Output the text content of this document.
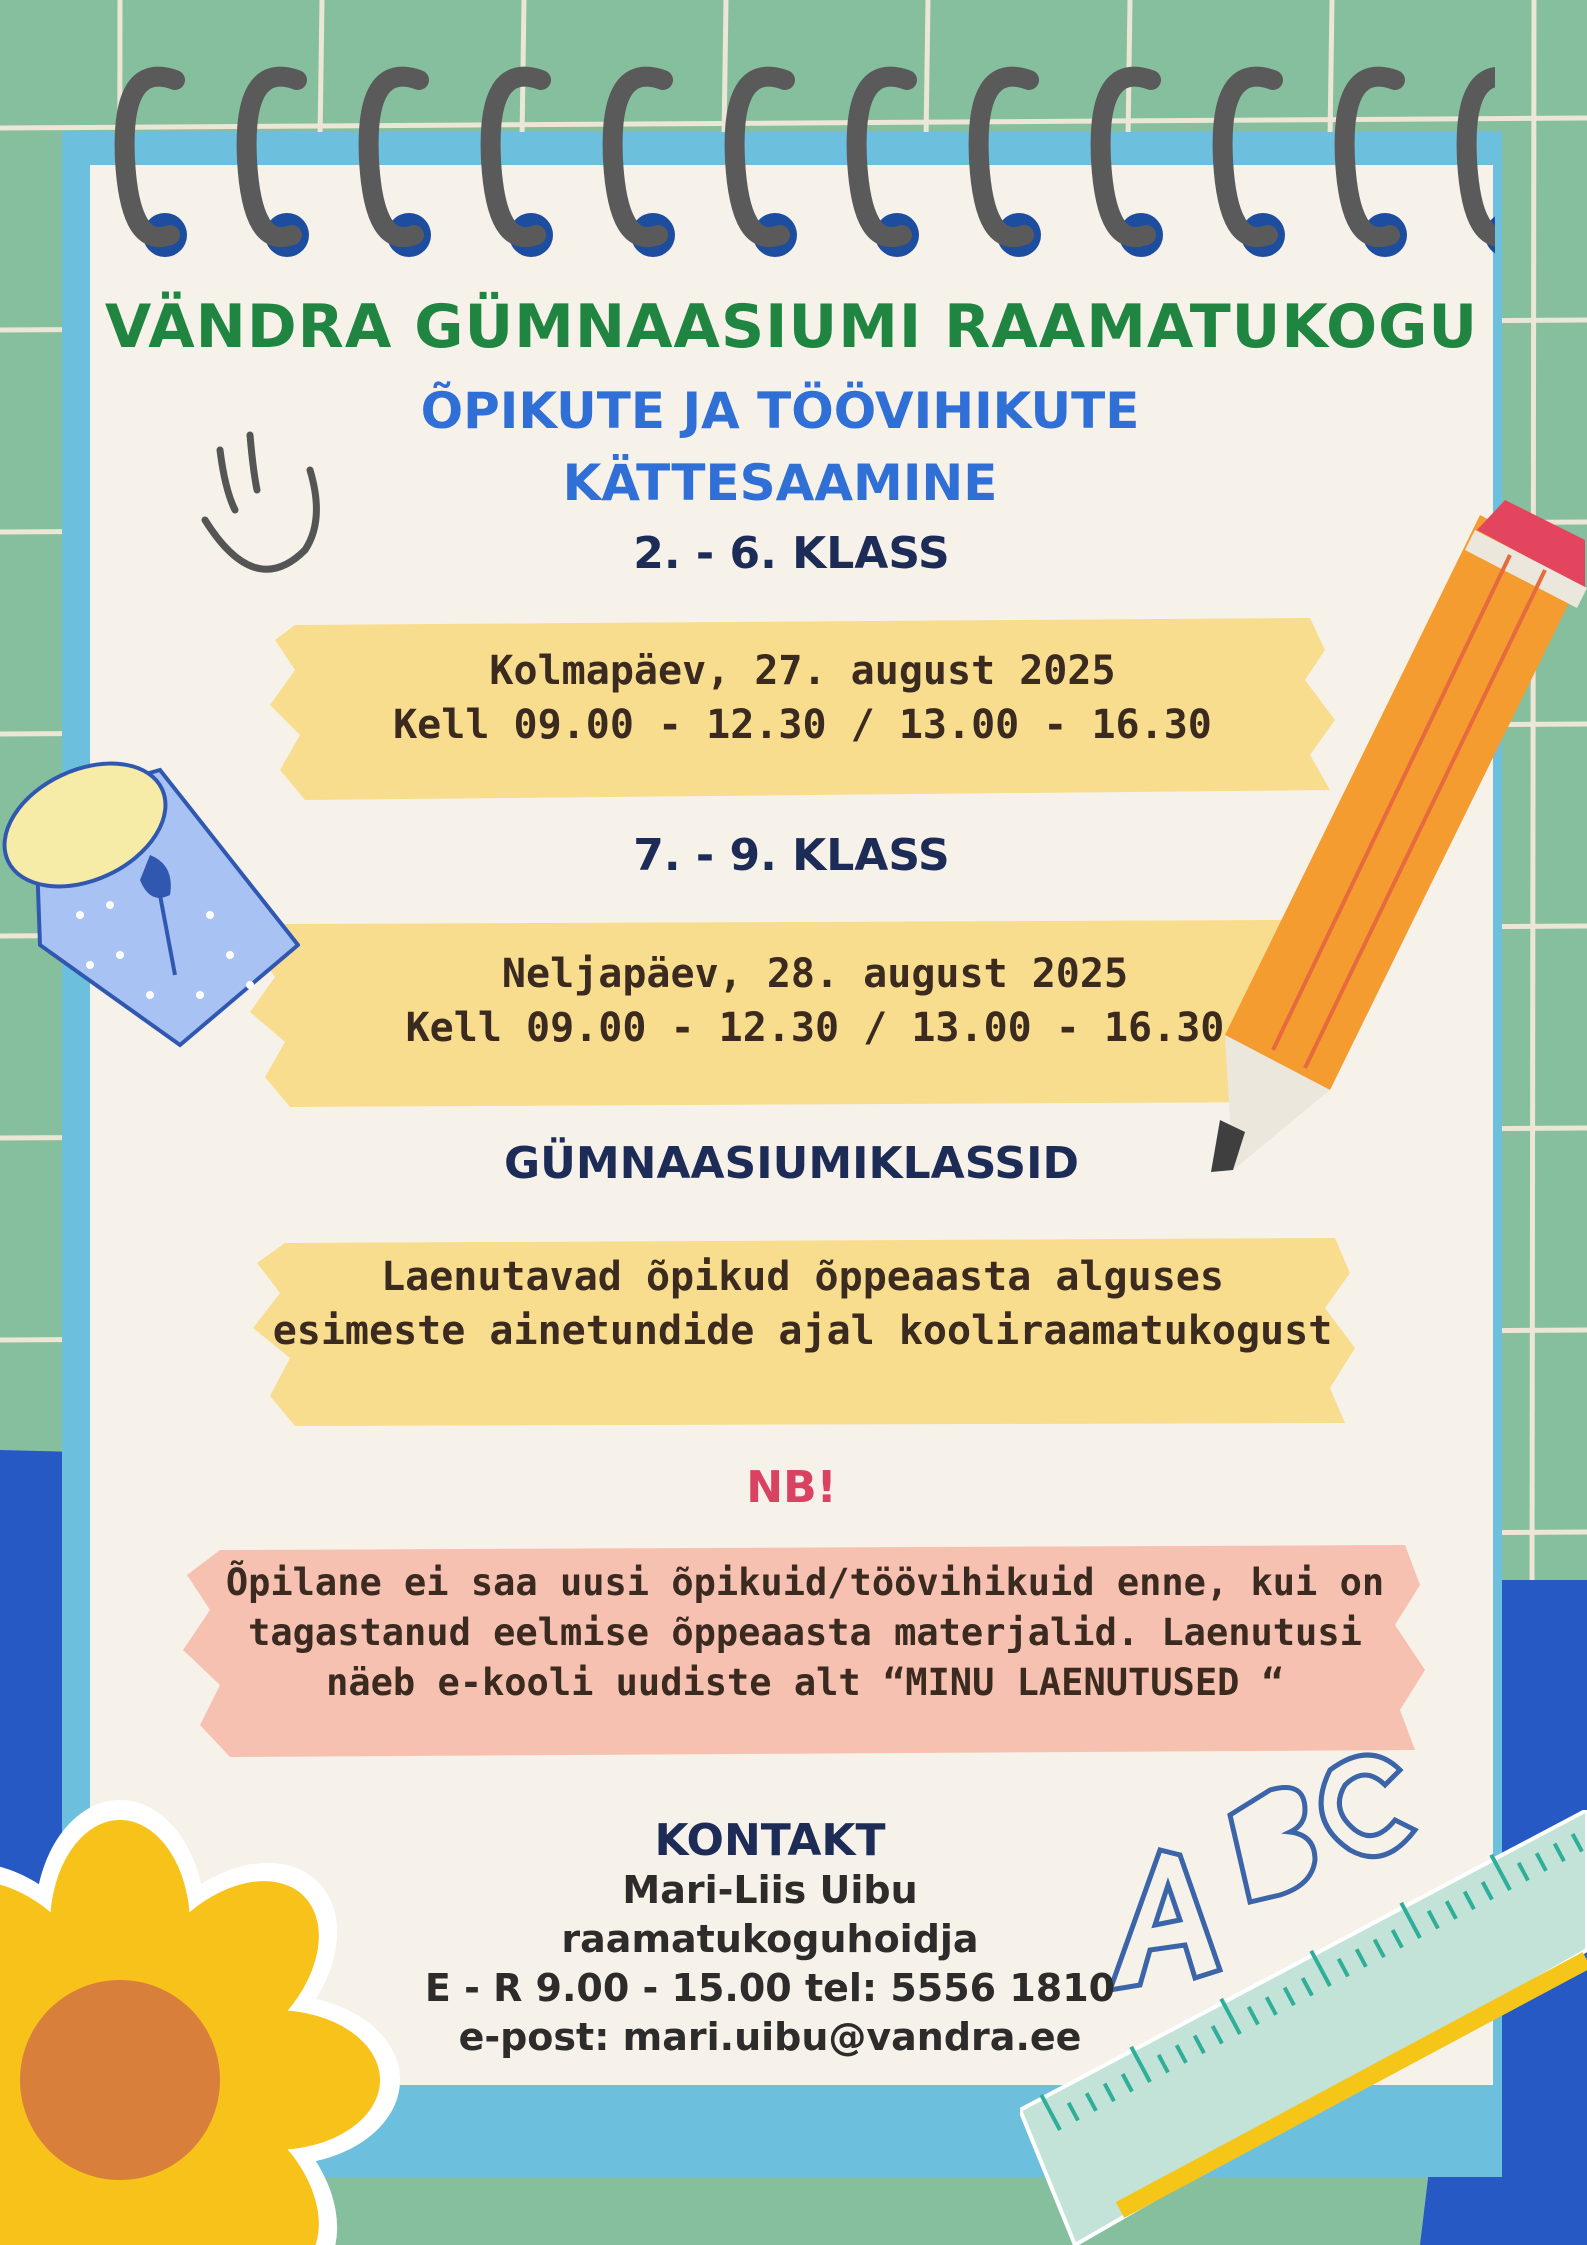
VÄNDRA GÜMNAASIUMI RAAMATUKOGU
ÕPIKUTE JA TÖÖVIHIKUTE
KÄTTESAAMINE
2. - 6. KLASS
Kolmapäev, 27. august 2025
Kell 09.00 - 12.30 / 13.00 - 16.30
7. - 9. KLASS
Neljapäev, 28. august 2025
Kell 09.00 - 12.30 / 13.00 - 16.30
GÜMNAASIUMIKLASSID
Laenutavad õpikud õppeaasta alguses
esimeste ainetundide ajal kooliraamatukogust
NB!
Õpilane ei saa uusi õpikuid/töövihikuid enne, kui on
tagastanud eelmise õppeaasta materjalid. Laenutusi
näeb e-kooli uudiste alt “MINU LAENUTUSED “
KONTAKT
Mari-Liis Uibu
raamatukoguhoidja
E - R 9.00 - 15.00 tel: 5556 1810
e-post: mari.uibu@vandra.ee
